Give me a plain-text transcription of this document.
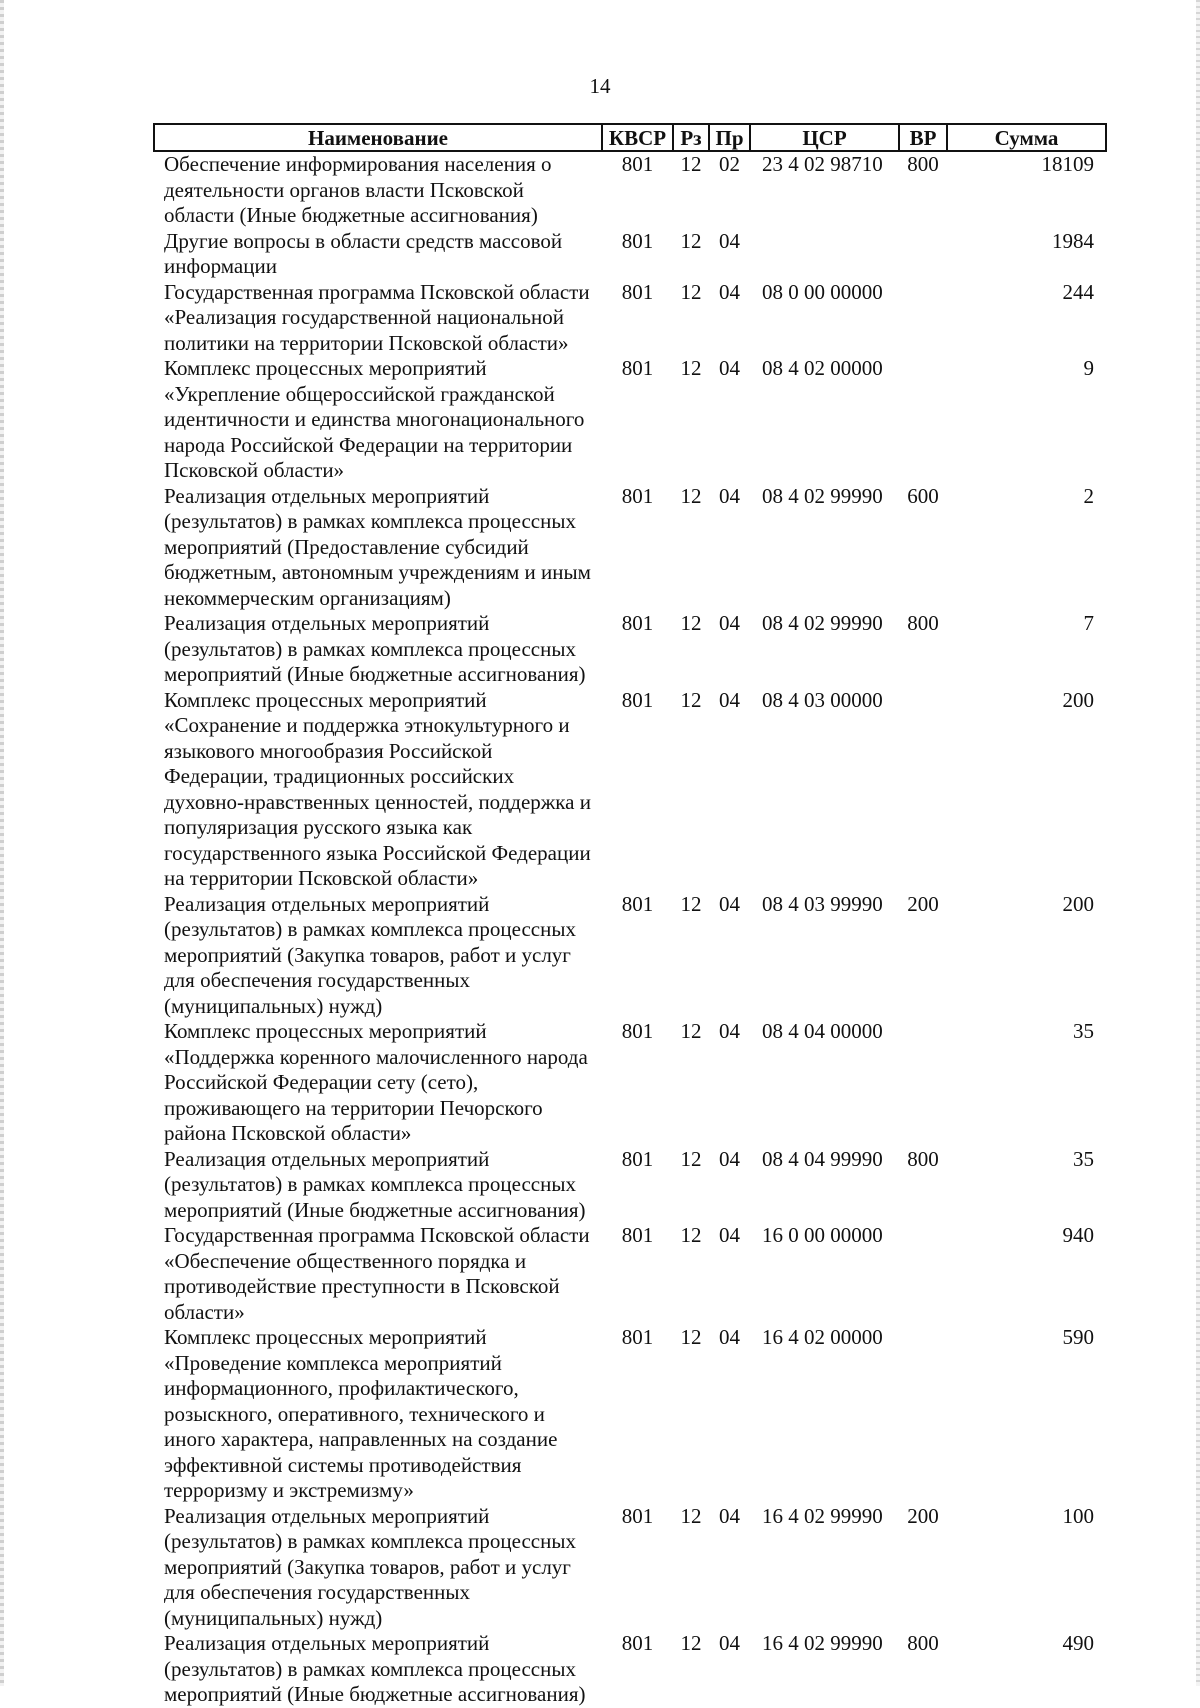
14
Наименование	КВСР	Рз	Пр	ЦСР	ВР	Сумма
Обеспечение информирования населения о деятельности органов власти Псковской области (Иные бюджетные ассигнования)	801	12	02	23 4 02 98710	800	18109
Другие вопросы в области средств массовой информации	801	12	04			1984
Государственная программа Псковской области «Реализация государственной национальной политики на территории Псковской области»	801	12	04	08 0 00 00000		244
Комплекс процессных мероприятий «Укрепление общероссийской гражданской идентичности и единства многонационального народа Российской Федерации на территории Псковской области»	801	12	04	08 4 02 00000		9
Реализация отдельных мероприятий (результатов) в рамках комплекса процессных мероприятий (Предоставление субсидий бюджетным, автономным учреждениям и иным некоммерческим организациям)	801	12	04	08 4 02 99990	600	2
Реализация отдельных мероприятий (результатов) в рамках комплекса процессных мероприятий (Иные бюджетные ассигнования)	801	12	04	08 4 02 99990	800	7
Комплекс процессных мероприятий «Сохранение и поддержка этнокультурного и языкового многообразия Российской Федерации, традиционных российских духовно-нравственных ценностей, поддержка и популяризация русского языка как государственного языка Российской Федерации на территории Псковской области»	801	12	04	08 4 03 00000		200
Реализация отдельных мероприятий (результатов) в рамках комплекса процессных мероприятий (Закупка товаров, работ и услуг для обеспечения государственных (муниципальных) нужд)	801	12	04	08 4 03 99990	200	200
Комплекс процессных мероприятий «Поддержка коренного малочисленного народа Российской Федерации сету (сето), проживающего на территории Печорского района Псковской области»	801	12	04	08 4 04 00000		35
Реализация отдельных мероприятий (результатов) в рамках комплекса процессных мероприятий (Иные бюджетные ассигнования)	801	12	04	08 4 04 99990	800	35
Государственная программа Псковской области «Обеспечение общественного порядка и противодействие преступности в Псковской области»	801	12	04	16 0 00 00000		940
Комплекс процессных мероприятий «Проведение комплекса мероприятий информационного, профилактического, розыскного, оперативного, технического и иного характера, направленных на создание эффективной системы противодействия терроризму и экстремизму»	801	12	04	16 4 02 00000		590
Реализация отдельных мероприятий (результатов) в рамках комплекса процессных мероприятий (Закупка товаров, работ и услуг для обеспечения государственных (муниципальных) нужд)	801	12	04	16 4 02 99990	200	100
Реализация отдельных мероприятий (результатов) в рамках комплекса процессных мероприятий (Иные бюджетные ассигнования)	801	12	04	16 4 02 99990	800	490
